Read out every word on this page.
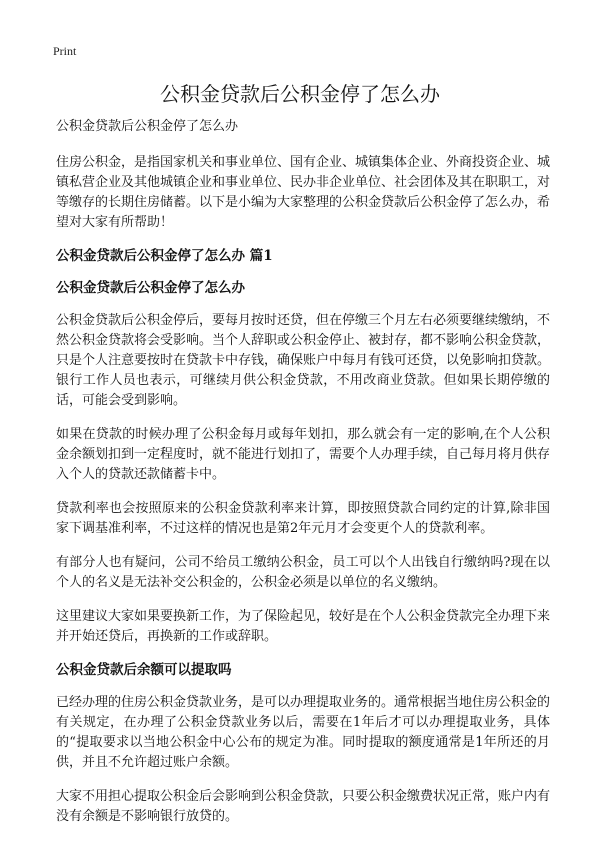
Print
公积金贷款后公积金停了怎么办
公积金贷款后公积金停了怎么办

住房公积金，是指国家机关和事业单位、国有企业、城镇集体企业、外商投资企业、城镇私营企业及其他城镇企业和事业单位、民办非企业单位、社会团体及其在职职工，对等缴存的长期住房储蓄。以下是小编为大家整理的公积金贷款后公积金停了怎么办，希望对大家有所帮助！

公积金贷款后公积金停了怎么办 篇1
公积金贷款后公积金停了怎么办

公积金贷款后公积金停后，要每月按时还贷，但在停缴三个月左右必须要继续缴纳，不然公积金贷款将会受影响。当个人辞职或公积金停止、被封存，都不影响公积金贷款，只是个人注意要按时在贷款卡中存钱，确保账户中每月有钱可还贷，以免影响扣贷款。银行工作人员也表示，可继续月供公积金贷款，不用改商业贷款。但如果长期停缴的话，可能会受到影响。

如果在贷款的时候办理了公积金每月或每年划扣，那么就会有一定的影响,在个人公积金余额划扣到一定程度时，就不能进行划扣了，需要个人办理手续，自己每月将月供存入个人的贷款还款储蓄卡中。

贷款利率也会按照原来的公积金贷款利率来计算，即按照贷款合同约定的计算,除非国家下调基准利率，不过这样的情况也是第2年元月才会变更个人的贷款利率。

有部分人也有疑问，公司不给员工缴纳公积金，员工可以个人出钱自行缴纳吗?现在以个人的名义是无法补交公积金的，公积金必须是以单位的名义缴纳。

这里建议大家如果要换新工作，为了保险起见，较好是在个人公积金贷款完全办理下来并开始还贷后，再换新的工作或辞职。

公积金贷款后余额可以提取吗

已经办理的住房公积金贷款业务，是可以办理提取业务的。通常根据当地住房公积金的有关规定，在办理了公积金贷款业务以后，需要在1年后才可以办理提取业务，具体的“提取要求以当地公积金中心公布的规定为准。同时提取的额度通常是1年所还的月供，并且不允许超过账户余额。

大家不用担心提取公积金后会影响到公积金贷款，只要公积金缴费状况正常，账户内有没有余额是不影响银行放贷的。
